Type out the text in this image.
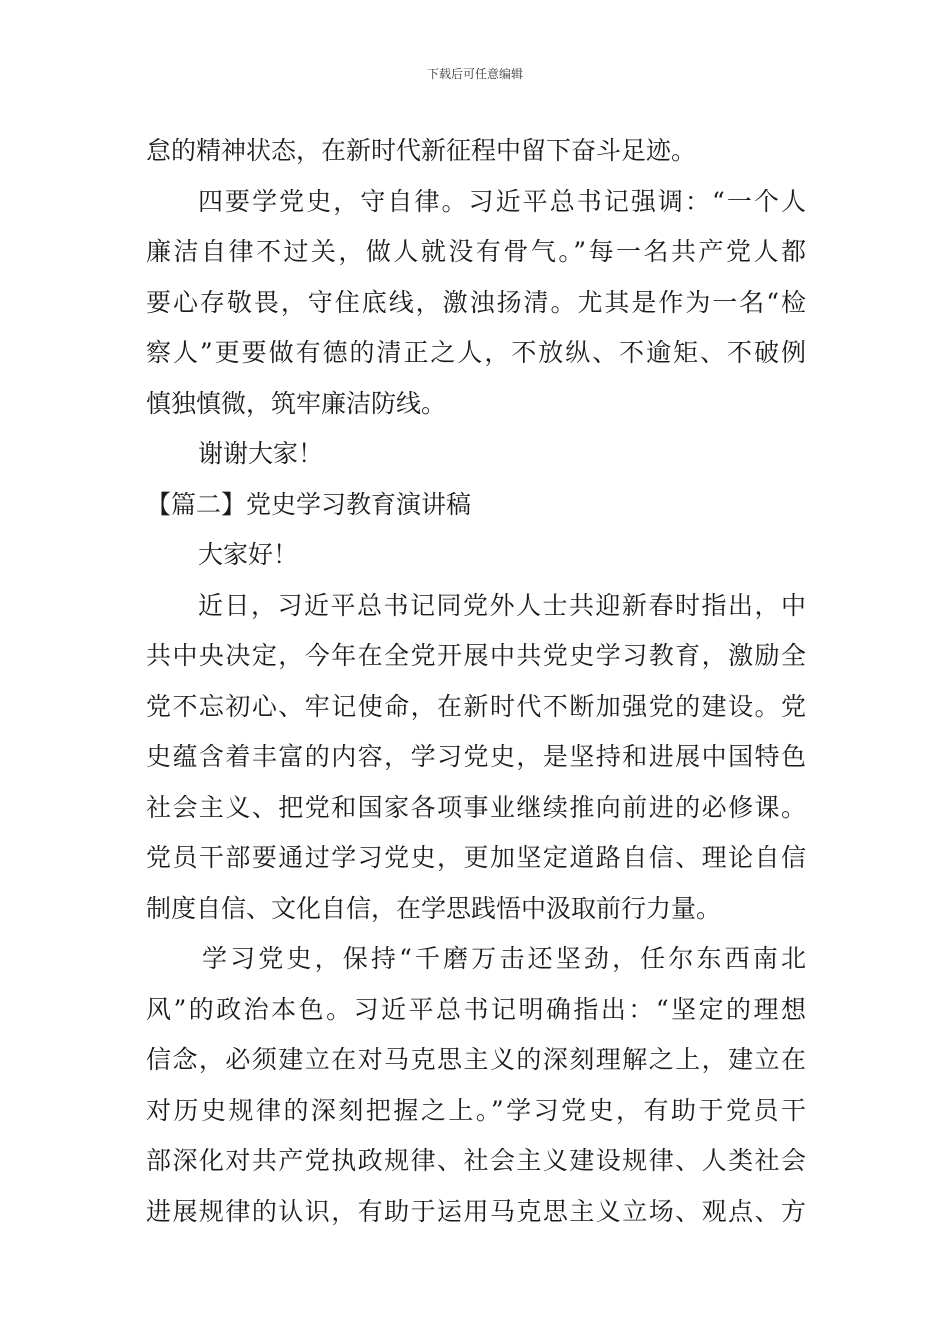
下载后可任意编辑
怠的精神状态，在新时代新征程中留下奋斗足迹。
四要学党史，守自律。习近平总书记强调：“一个人
廉洁自律不过关，做人就没有骨气。”每一名共产党人都
要心存敬畏，守住底线，激浊扬清。尤其是作为一名“检
察人”更要做有德的清正之人，不放纵、不逾矩、不破例
慎独慎微，筑牢廉洁防线。
谢谢大家！
【篇二】党史学习教育演讲稿
大家好！
近日，习近平总书记同党外人士共迎新春时指出，中
共中央决定，今年在全党开展中共党史学习教育，激励全
党不忘初心、牢记使命，在新时代不断加强党的建设。党
史蕴含着丰富的内容，学习党史，是坚持和进展中国特色
社会主义、把党和国家各项事业继续推向前进的必修课。
党员干部要通过学习党史，更加坚定道路自信、理论自信
制度自信、文化自信，在学思践悟中汲取前行力量。
学习党史，保持“千磨万击还坚劲，任尔东西南北
风”的政治本色。习近平总书记明确指出：“坚定的理想
信念，必须建立在对马克思主义的深刻理解之上，建立在
对历史规律的深刻把握之上。”学习党史，有助于党员干
部深化对共产党执政规律、社会主义建设规律、人类社会
进展规律的认识，有助于运用马克思主义立场、观点、方
